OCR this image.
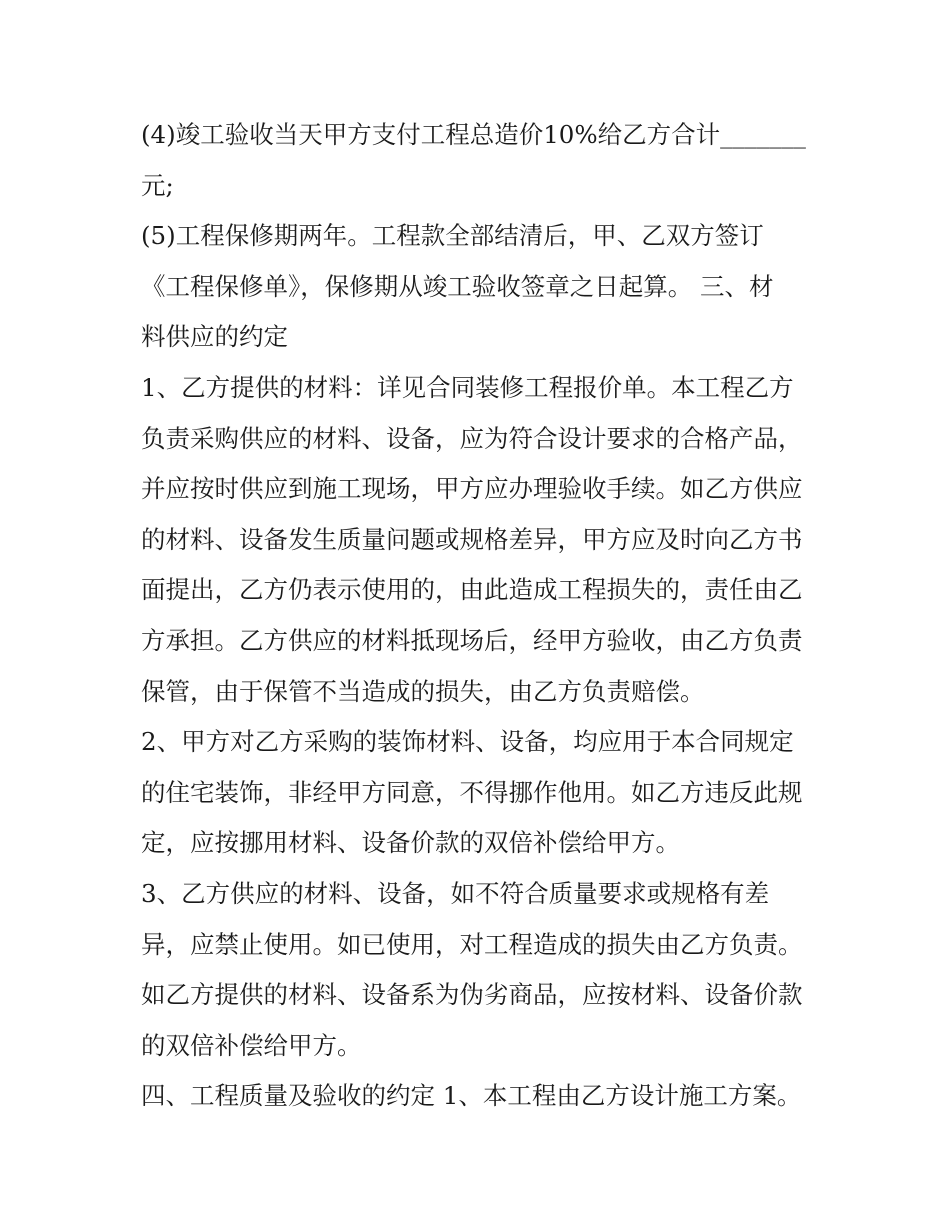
(4)竣工验收当天甲方支付工程总造价10%给乙方合计_______
元;
(5)工程保修期两年。工程款全部结清后，甲、乙双方签订
《工程保修单》，保修期从竣工验收签章之日起算。 三、材
料供应的约定
1、乙方提供的材料：详见合同装修工程报价单。本工程乙方
负责采购供应的材料、设备，应为符合设计要求的合格产品，
并应按时供应到施工现场，甲方应办理验收手续。如乙方供应
的材料、设备发生质量问题或规格差异，甲方应及时向乙方书
面提出，乙方仍表示使用的，由此造成工程损失的，责任由乙
方承担。乙方供应的材料抵现场后，经甲方验收，由乙方负责
保管，由于保管不当造成的损失，由乙方负责赔偿。
2、甲方对乙方采购的装饰材料、设备，均应用于本合同规定
的住宅装饰，非经甲方同意，不得挪作他用。如乙方违反此规
定，应按挪用材料、设备价款的双倍补偿给甲方。
3、乙方供应的材料、设备，如不符合质量要求或规格有差
异，应禁止使用。如已使用，对工程造成的损失由乙方负责。
如乙方提供的材料、设备系为伪劣商品，应按材料、设备价款
的双倍补偿给甲方。
四、工程质量及验收的约定 1、本工程由乙方设计施工方案。
